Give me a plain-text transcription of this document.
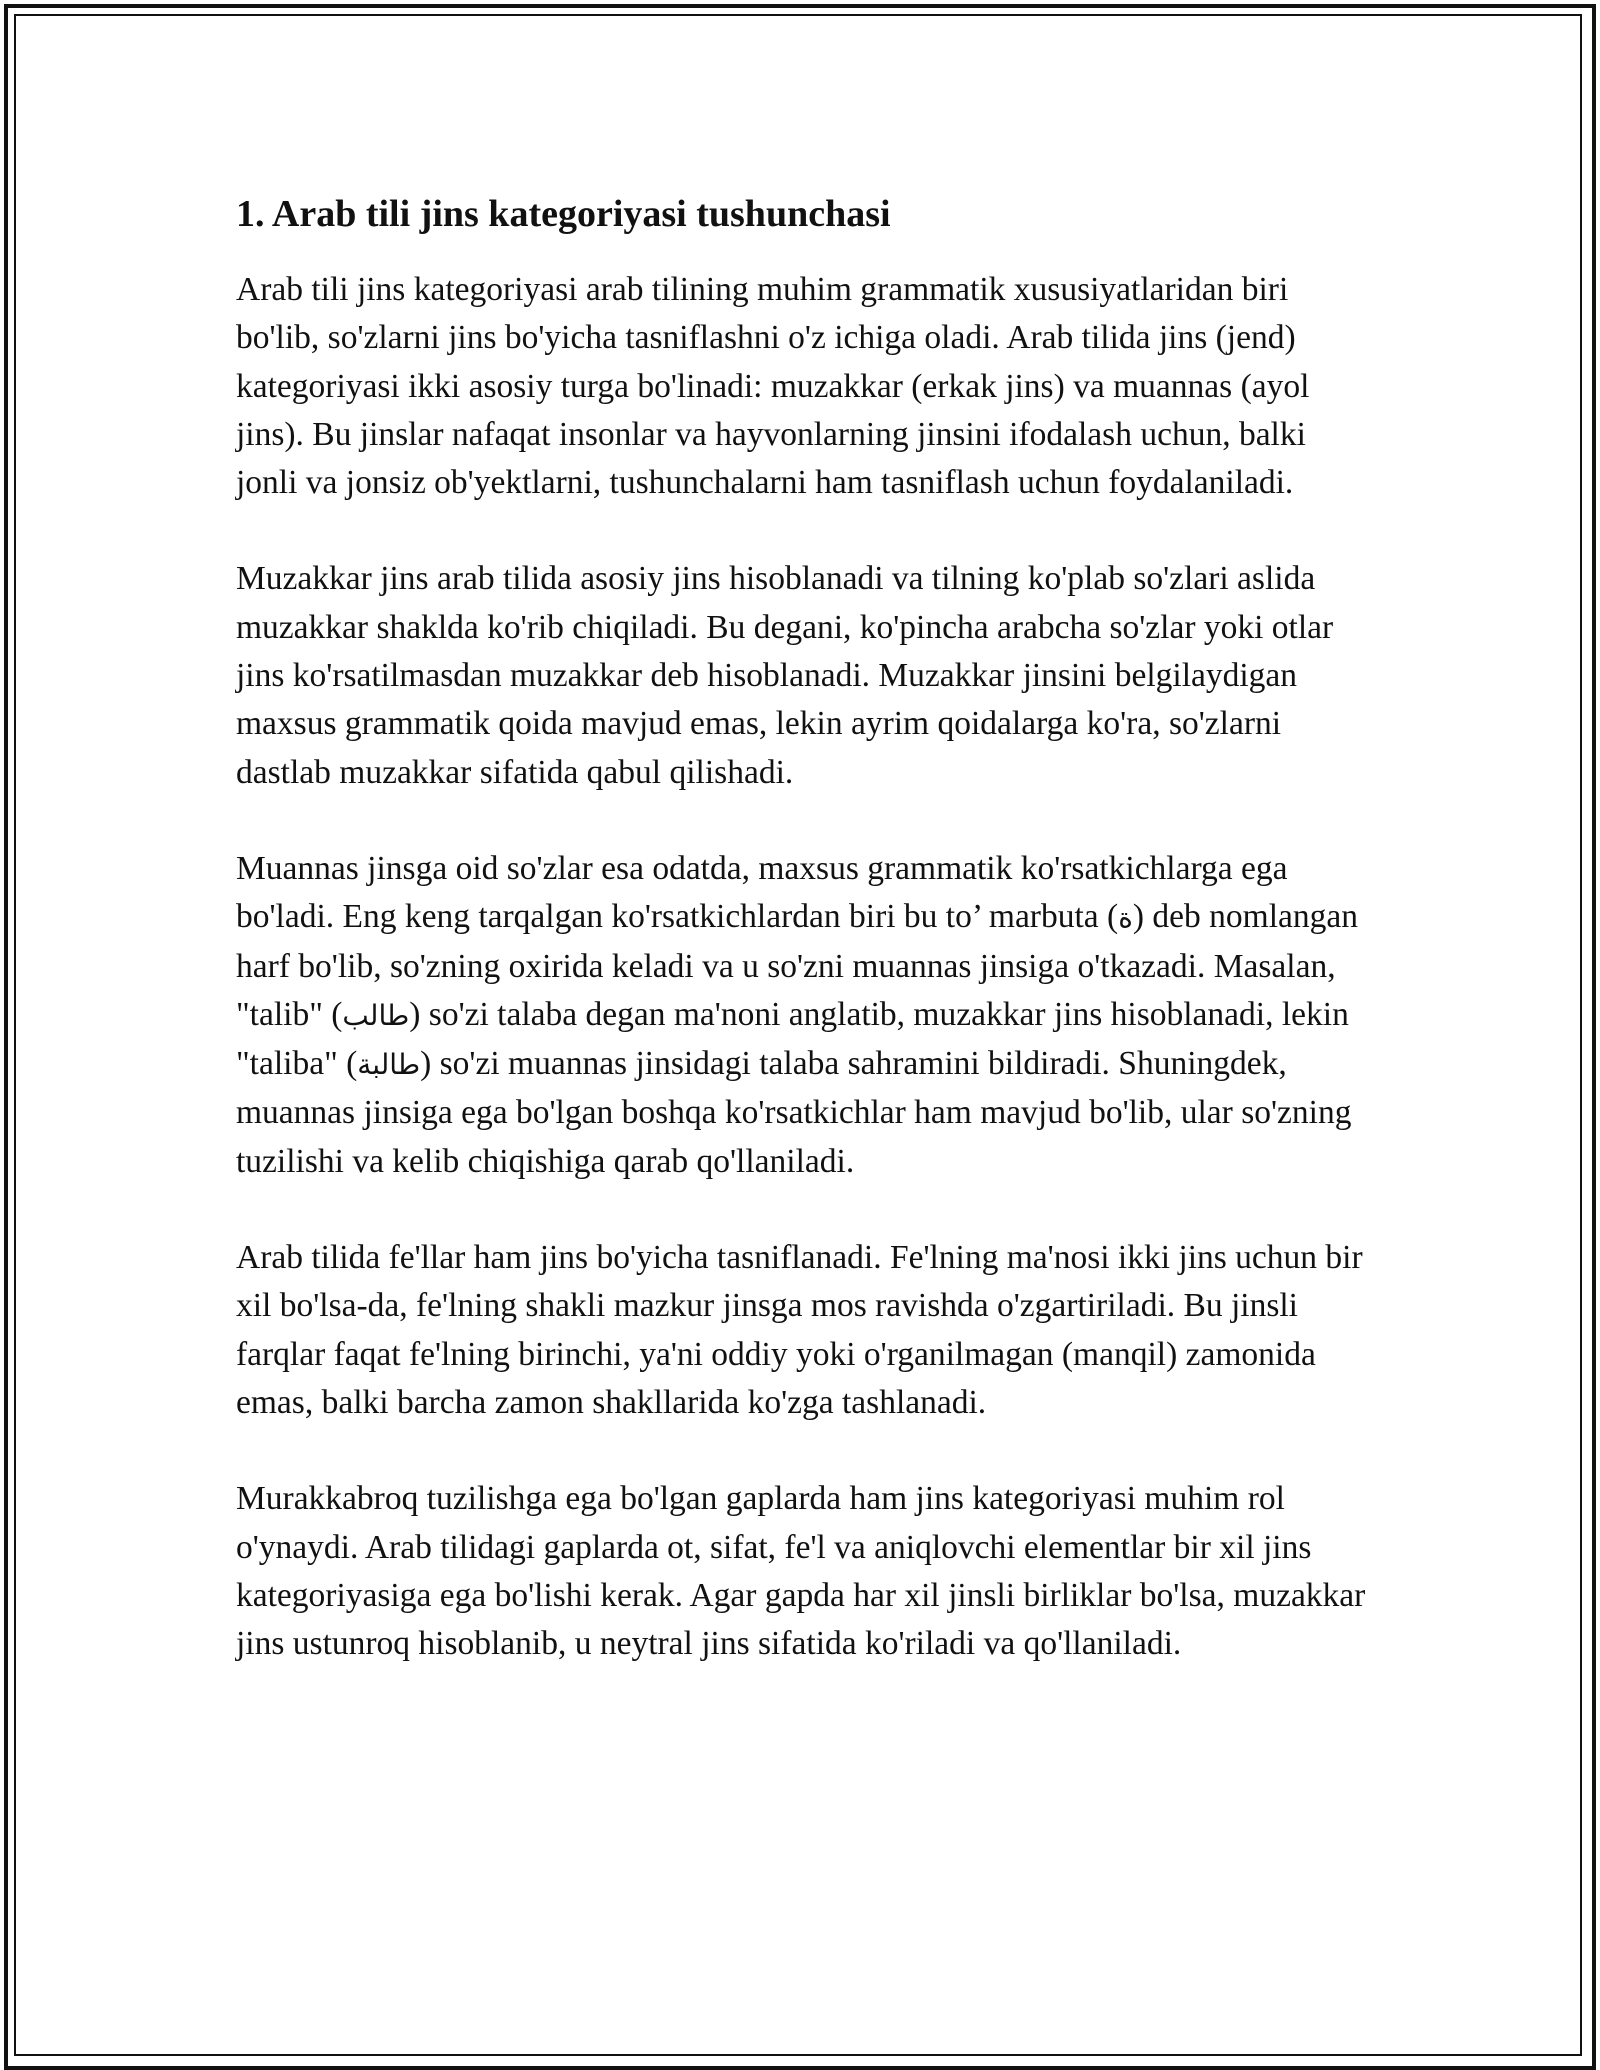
1. Arab tili jins kategoriyasi tushunchasi

Arab tili jins kategoriyasi arab tilining muhim grammatik xususiyatlaridan biri bo'lib, so'zlarni jins bo'yicha tasniflashni o'z ichiga oladi. Arab tilida jins (jend) kategoriyasi ikki asosiy turga bo'linadi: muzakkar (erkak jins) va muannas (ayol jins). Bu jinslar nafaqat insonlar va hayvonlarning jinsini ifodalash uchun, balki jonli va jonsiz ob'yektlarni, tushunchalarni ham tasniflash uchun foydalaniladi.

Muzakkar jins arab tilida asosiy jins hisoblanadi va tilning ko'plab so'zlari aslida muzakkar shaklda ko'rib chiqiladi. Bu degani, ko'pincha arabcha so'zlar yoki otlar jins ko'rsatilmasdan muzakkar deb hisoblanadi. Muzakkar jinsini belgilaydigan maxsus grammatik qoida mavjud emas, lekin ayrim qoidalarga ko'ra, so'zlarni dastlab muzakkar sifatida qabul qilishadi.

Muannas jinsga oid so'zlar esa odatda, maxsus grammatik ko'rsatkichlarga ega bo'ladi. Eng keng tarqalgan ko'rsatkichlardan biri bu to’ marbuta (ة) deb nomlangan harf bo'lib, so'zning oxirida keladi va u so'zni muannas jinsiga o'tkazadi. Masalan, "talib" (طالب) so'zi talaba degan ma'noni anglatib, muzakkar jins hisoblanadi, lekin "taliba" (طالبة) so'zi muannas jinsidagi talaba sahramini bildiradi. Shuningdek, muannas jinsiga ega bo'lgan boshqa ko'rsatkichlar ham mavjud bo'lib, ular so'zning tuzilishi va kelib chiqishiga qarab qo'llaniladi.

Arab tilida fe'llar ham jins bo'yicha tasniflanadi. Fe'lning ma'nosi ikki jins uchun bir xil bo'lsa-da, fe'lning shakli mazkur jinsga mos ravishda o'zgartiriladi. Bu jinsli farqlar faqat fe'lning birinchi, ya'ni oddiy yoki o'rganilmagan (manqil) zamonida emas, balki barcha zamon shakllarida ko'zga tashlanadi.

Murakkabroq tuzilishga ega bo'lgan gaplarda ham jins kategoriyasi muhim rol o'ynaydi. Arab tilidagi gaplarda ot, sifat, fe'l va aniqlovchi elementlar bir xil jins kategoriyasiga ega bo'lishi kerak. Agar gapda har xil jinsli birliklar bo'lsa, muzakkar jins ustunroq hisoblanib, u neytral jins sifatida ko'riladi va qo'llaniladi.
